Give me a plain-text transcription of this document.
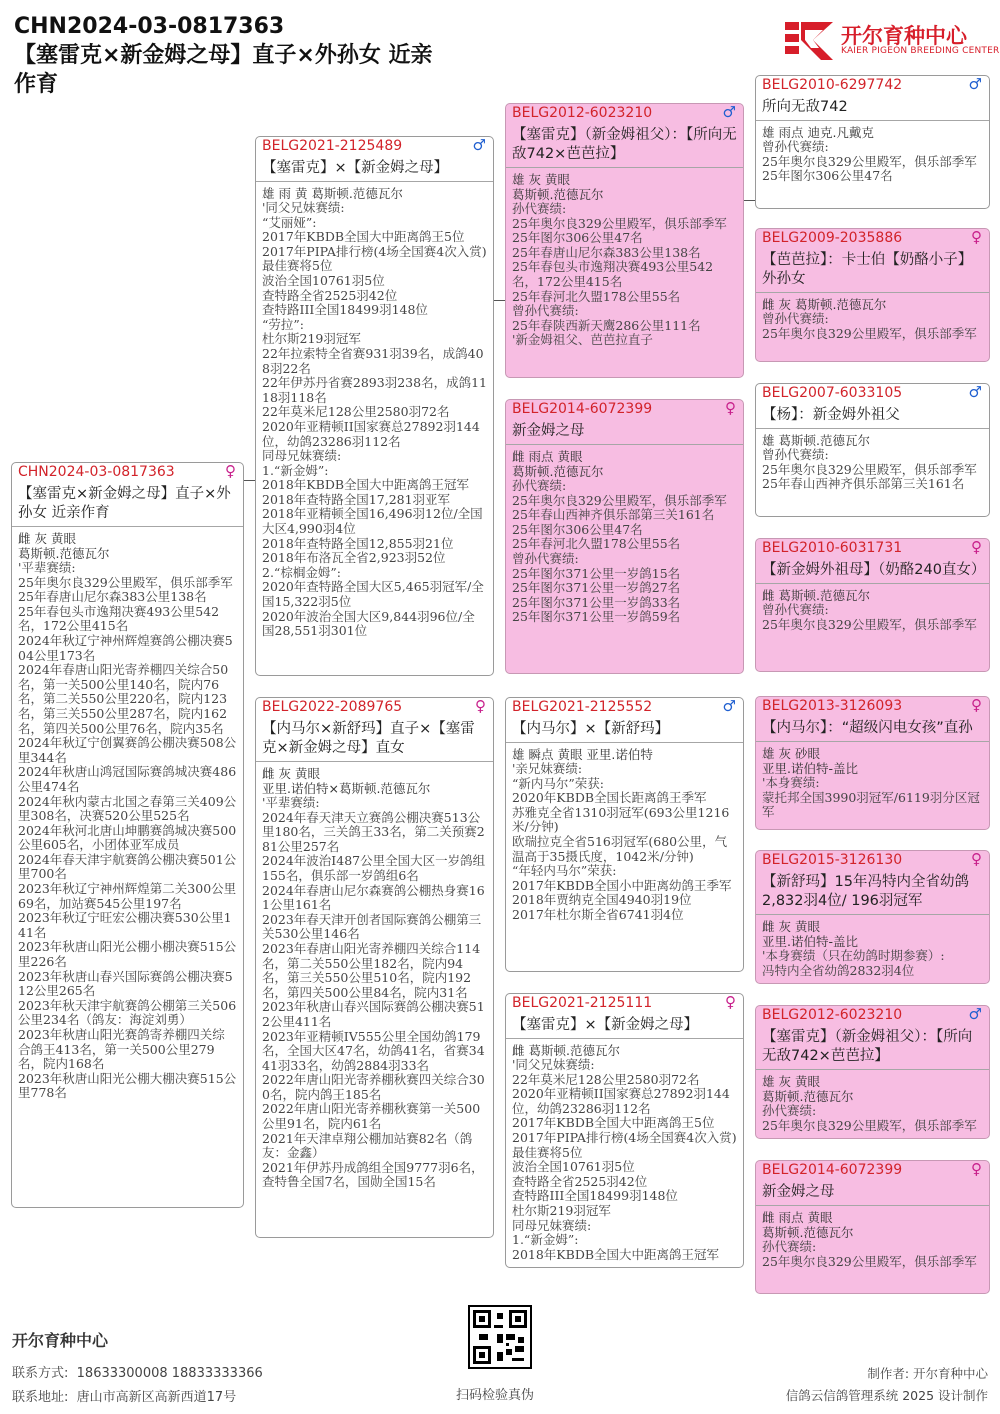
CHN2024-03-0817363
【塞雷克×新金姆之母】直子×外孙女 近亲
作育
开尔育种中心
KAIER PIGEON BREEDING CENTER
CHN2024-03-0817363	♀
【塞雷克×新金姆之母】直子×外孙女 近亲作育
雌 灰 黄眼
葛斯顿.范德瓦尔
'平辈赛绩:
25年奥尔良329公里殿军，俱乐部季军
25年春唐山尼尔森383公里138名
25年春包头市逸翔决赛493公里542名，172公里415名
2024年秋辽宁神州辉煌赛鸽公棚决赛504公里173名
2024年春唐山阳光寄养棚四关综合50名，第一关500公里140名，院内76名，第二关550公里220名，院内123名，第三关550公里287名，院内162名，第四关500公里76名，院内35名
2024年秋辽宁创翼赛鸽公棚决赛508公里344名
2024年秋唐山鸿冠国际赛鸽城决赛486公里474名
2024年秋内蒙古北国之春第三关409公里308名，决赛520公里525名
2024年秋河北唐山坤鹏赛鸽城决赛500公里605名，小团体亚军成员
2024年春天津宇航赛鸽公棚决赛501公里700名
2023年秋辽宁神州辉煌第二关300公里69名，加站赛545公里197名
2023年秋辽宁旺宏公棚决赛530公里141名
2023年秋唐山阳光公棚小棚决赛515公里226名
2023年秋唐山春兴国际赛鸽公棚决赛512公里265名
2023年秋天津宇航赛鸽公棚第三关506公里234名（鸽友：海淀刘勇）
2023年秋唐山阳光赛鸽寄养棚四关综合鸽王413名，第一关500公里279名，院内168名
2023年秋唐山阳光公棚大棚决赛515公里778名
BELG2021-2125489	♂
【塞雷克】×【新金姆之母】
雄 雨 黄 葛斯顿.范德瓦尔
'同父兄妹赛绩:
“艾丽娅”:
2017年KBDB全国大中距离鸽王5位
2017年PIPA排行榜(4场全国赛4次入赏)最佳赛将5位
波治全国10761羽5位
查特路全省2525羽42位
查特路III全国18499羽148位
“劳拉”:
杜尔斯219羽冠军
22年拉索特全省赛931羽39名，成鸽408羽22名
22年伊苏丹省赛2893羽238名，成鸽1118羽118名
22年莫米尼128公里2580羽72名
2020年亚精顿II国家赛总27892羽144位，幼鸽23286羽112名
同母兄妹赛绩:
1.“新金姆”:
2018年KBDB全国大中距离鸽王冠军
2018年查特路全国17,281羽亚军
2018年亚精顿全国16,496羽12位/全国大区4,990羽4位
2018年查特路全国12,855羽21位
2018年布洛瓦全省2,923羽52位
2.“棕榈金姆”:
2020年查特路全国大区5,465羽冠军/全国15,322羽5位
2020年波治全国大区9,844羽96位/全国28,551羽301位
BELG2022-2089765	♀
【内马尔×新舒玛】直子×【塞雷克×新金姆之母】直女
雌 灰 黄眼
亚里.诺伯特×葛斯顿.范德瓦尔
'平辈赛绩:
2024年春天津天立赛鸽公棚决赛513公里180名，三关鸽王33名，第二关预赛281公里257名
2024年波治Ⅰ487公里全国大区一岁鸽组155名，俱乐部一岁鸽组6名
2024年春唐山尼尔森赛鸽公棚热身赛161公里161名
2023年春天津开创者国际赛鸽公棚第三关530公里146名
2023年春唐山阳光寄养棚四关综合114名，第二关550公里182名，院内94名，第三关550公里510名，院内192名，第四关500公里84名，院内31名
2023年秋唐山春兴国际赛鸽公棚决赛512公里411名
2023年亚精顿IV555公里全国幼鸽179名，全国大区47名，幼鸽41名，省赛3441羽33名，幼鸽2884羽33名
2022年唐山阳光寄养棚秋赛四关综合300名，院内鸽王185名
2022年唐山阳光寄养棚秋赛第一关500公里91名，院内61名
2021年天津卓翔公棚加站赛82名（鸽友：金鑫）
2021年伊苏丹成鸽组全国9777羽6名，查特鲁全国7名，国勋全国15名
BELG2012-6023210	♂
【塞雷克】（新金姆祖父）：【所向无敌742×芭芭拉】
雄 灰 黄眼
葛斯顿.范德瓦尔
孙代赛绩:
25年奥尔良329公里殿军，俱乐部季军
25年图尔306公里47名
25年春唐山尼尔森383公里138名
25年春包头市逸翔决赛493公里542名，172公里415名
25年春河北久盟178公里55名
曾孙代赛绩:
25年春陕西新天鹰286公里111名
'新金姆祖父、芭芭拉直子
BELG2014-6072399	♀
新金姆之母
雌 雨点 黄眼
葛斯顿.范德瓦尔
孙代赛绩:
25年奥尔良329公里殿军，俱乐部季军
25年春山西神齐俱乐部第三关161名
25年图尔306公里47名
25年春河北久盟178公里55名
曾孙代赛绩:
25年图尔371公里一岁鸽15名
25年图尔371公里一岁鸽27名
25年图尔371公里一岁鸽33名
25年图尔371公里一岁鸽59名
BELG2021-2125552	♂
【内马尔】×【新舒玛】
雄 瞬点 黄眼 亚里.诺伯特
'亲兄妹赛绩:
“新内马尔”荣获:
2020年KBDB全国长距离鸽王季军
苏雅克全省1310羽冠军(693公里1216米/分钟)
欧瑞拉克全省516羽冠军(680公里，气温高于35摄氏度，1042米/分钟)
“年轻内马尔”荣获:
2017年KBDB全国小中距离幼鸽王季军
2018年贾纳克全国4940羽19位
2017年杜尔斯全省6741羽4位
BELG2021-2125111	♀
【塞雷克】×【新金姆之母】
雌 葛斯顿.范德瓦尔
'同父兄妹赛绩:
22年莫米尼128公里2580羽72名
2020年亚精顿II国家赛总27892羽144位，幼鸽23286羽112名
2017年KBDB全国大中距离鸽王5位
2017年PIPA排行榜(4场全国赛4次入赏)最佳赛将5位
波治全国10761羽5位
查特路全省2525羽42位
查特路III全国18499羽148位
杜尔斯219羽冠军
同母兄妹赛绩:
1.“新金姆”:
2018年KBDB全国大中距离鸽王冠军
BELG2010-6297742	♂
所向无敌742
雄 雨点 迪克.凡戴克
曾孙代赛绩:
25年奥尔良329公里殿军，俱乐部季军
25年图尔306公里47名
BELG2009-2035886	♀
【芭芭拉】：卡士伯【奶酪小子】 外孙女
雌 灰 葛斯顿.范德瓦尔
曾孙代赛绩:
25年奥尔良329公里殿军，俱乐部季军
BELG2007-6033105	♂
【杨】：新金姆外祖父
雄 葛斯顿.范德瓦尔
曾孙代赛绩:
25年奥尔良329公里殿军，俱乐部季军
25年春山西神齐俱乐部第三关161名
BELG2010-6031731	♀
【新金姆外祖母】（奶酪240直女）
雌 葛斯顿.范德瓦尔
曾孙代赛绩:
25年奥尔良329公里殿军，俱乐部季军
BELG2013-3126093	♀
【内马尔】：“超级闪电女孩”直孙
雄 灰 砂眼
亚里.诺伯特-盖比
'本身赛绩:
蒙托邦全国3990羽冠军/6119羽分区冠军
BELG2015-3126130	♀
【新舒玛】15年冯特内全省幼鸽2,832羽4位/ 196羽冠军
雌 灰 黄眼
亚里.诺伯特-盖比
'本身赛绩（只在幼鸽时期参赛）:
冯特内全省幼鸽2832羽4位
BELG2012-6023210	♂
【塞雷克】（新金姆祖父）：【所向无敌742×芭芭拉】
雄 灰 黄眼
葛斯顿.范德瓦尔
孙代赛绩:
25年奥尔良329公里殿军，俱乐部季军
BELG2014-6072399	♀
新金姆之母
雌 雨点 黄眼
葛斯顿.范德瓦尔
孙代赛绩:
25年奥尔良329公里殿军，俱乐部季军
开尔育种中心
联系方式: 18633300008 18833333366
联系地址: 唐山市高新区高新西道17号	扫码检验真伪
制作者: 开尔育种中心
信鸽云信鸽管理系统 2025 设计制作
